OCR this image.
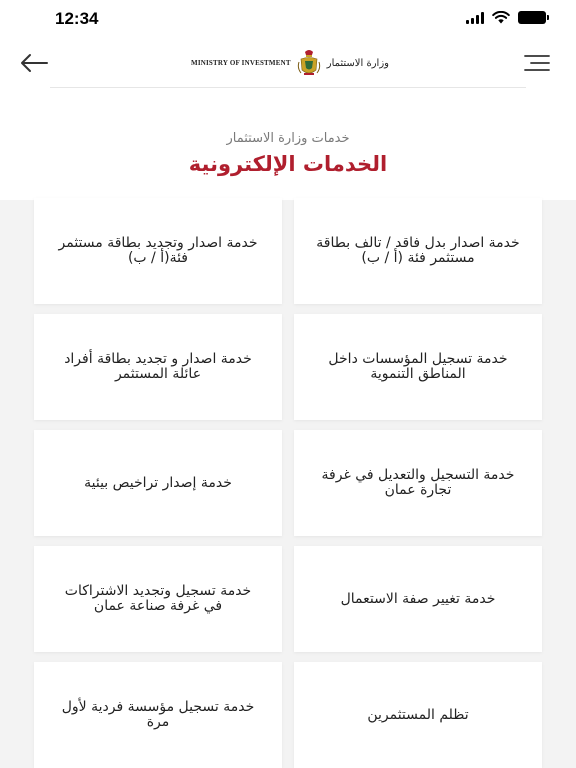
12:34
MINISTRY OF INVESTMENT	وزارة الاستثمار
خدمات وزارة الاستثمار
الخدمات الإلكترونية
خدمة اصدار بدل فاقد / تالف بطاقة مستثمر فئة (أ / ب)
خدمة اصدار وتجديد بطاقة مستثمر فئة(أ / ب)
خدمة تسجيل المؤسسات داخل المناطق التنموية
خدمة اصدار و تجديد بطاقة أفراد عائلة المستثمر
خدمة التسجيل والتعديل في غرفة تجارة عمان
خدمة إصدار تراخيص بيئية
خدمة تغيير صفة الاستعمال
خدمة تسجيل وتجديد الاشتراكات في غرفة صناعة عمان
تظلم المستثمرين
خدمة تسجيل مؤسسة فردية لأول مرة
